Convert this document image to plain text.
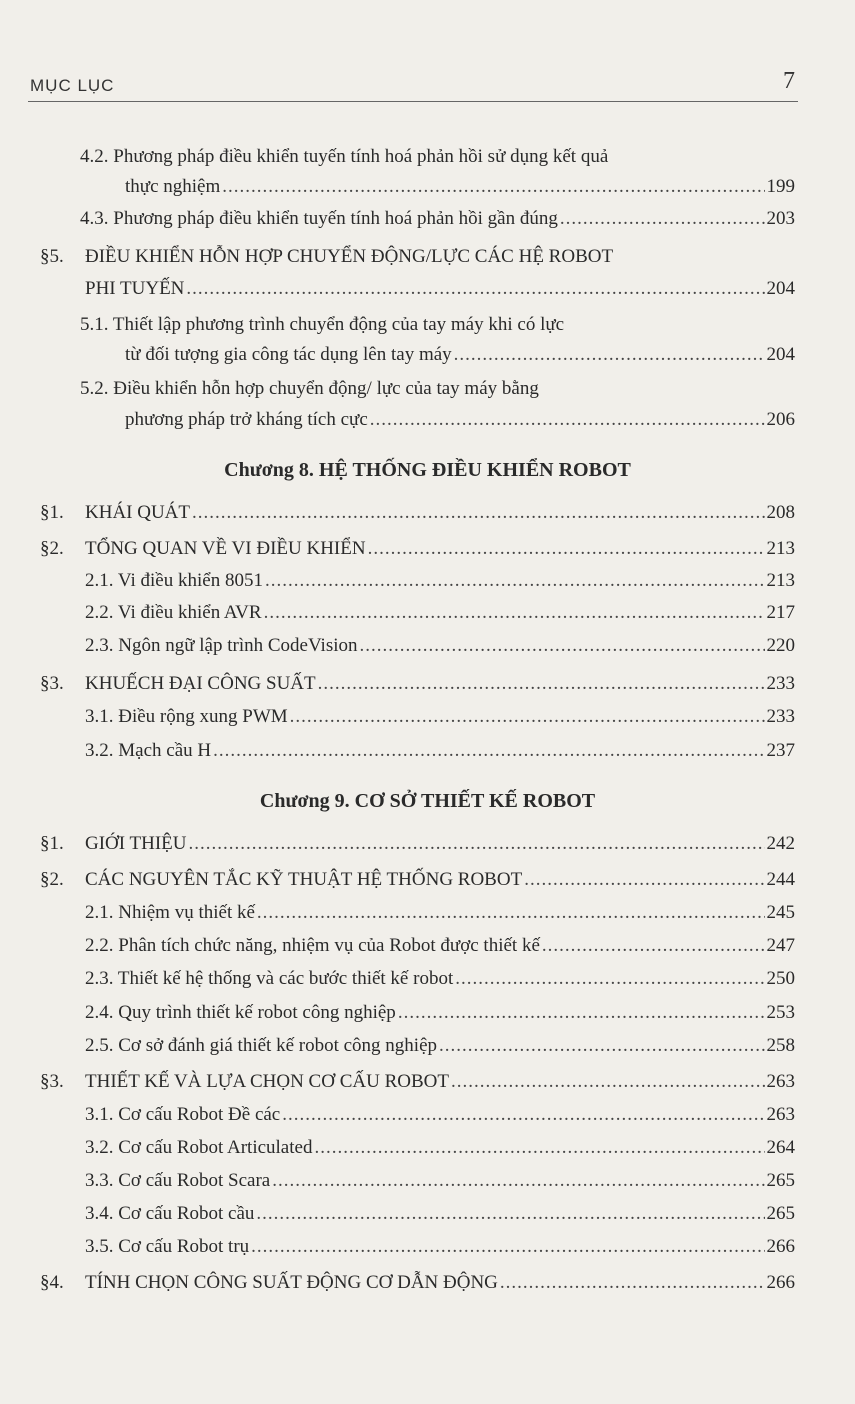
MỤC LỤC	7
4.2. Phương pháp điều khiển tuyến tính hoá phản hồi sử dụng kết quả
thực nghiệm .....	199
4.3. Phương pháp điều khiển tuyến tính hoá phản hồi gần đúng .....	203
§5. ĐIỀU KHIỂN HỖN HỢP CHUYỂN ĐỘNG/LỰC CÁC HỆ ROBOT
PHI TUYẾN .....	204
5.1. Thiết lập phương trình chuyển động của tay máy khi có lực
từ đối tượng gia công tác dụng lên tay máy .....	204
5.2. Điều khiển hỗn hợp chuyển động/ lực của tay máy bằng
phương pháp trở kháng tích cực .....	206
Chương 8. HỆ THỐNG ĐIỀU KHIỂN ROBOT
§1.	KHÁI QUÁT .....	208
§2.	TỔNG QUAN VỀ VI ĐIỀU KHIỂN .....	213
2.1. Vi điều khiển 8051 .....	213
2.2. Vi điều khiển AVR .....	217
2.3. Ngôn ngữ lập trình CodeVision .....	220
§3.	KHUẾCH ĐẠI CÔNG SUẤT .....	233
3.1. Điều rộng xung PWM .....	233
3.2. Mạch cầu H .....	237
Chương 9. CƠ SỞ THIẾT KẾ ROBOT
§1.	GIỚI THIỆU .....	242
§2.	CÁC NGUYÊN TẮC KỸ THUẬT HỆ THỐNG ROBOT .....	244
2.1. Nhiệm vụ thiết kế .....	245
2.2. Phân tích chức năng, nhiệm vụ của Robot được thiết kế .....	247
2.3. Thiết kế hệ thống và các bước thiết kế robot .....	250
2.4. Quy trình thiết kế robot công nghiệp .....	253
2.5. Cơ sở đánh giá thiết kế robot công nghiệp .....	258
§3.	THIẾT KẾ VÀ LỰA CHỌN CƠ CẤU ROBOT .....	263
3.1. Cơ cấu Robot Đề các .....	263
3.2. Cơ cấu Robot Articulated .....	264
3.3. Cơ cấu Robot Scara .....	265
3.4. Cơ cấu Robot cầu .....	265
3.5. Cơ cấu Robot trụ .....	266
§4.	TÍNH CHỌN CÔNG SUẤT ĐỘNG CƠ DẪN ĐỘNG .....	266
